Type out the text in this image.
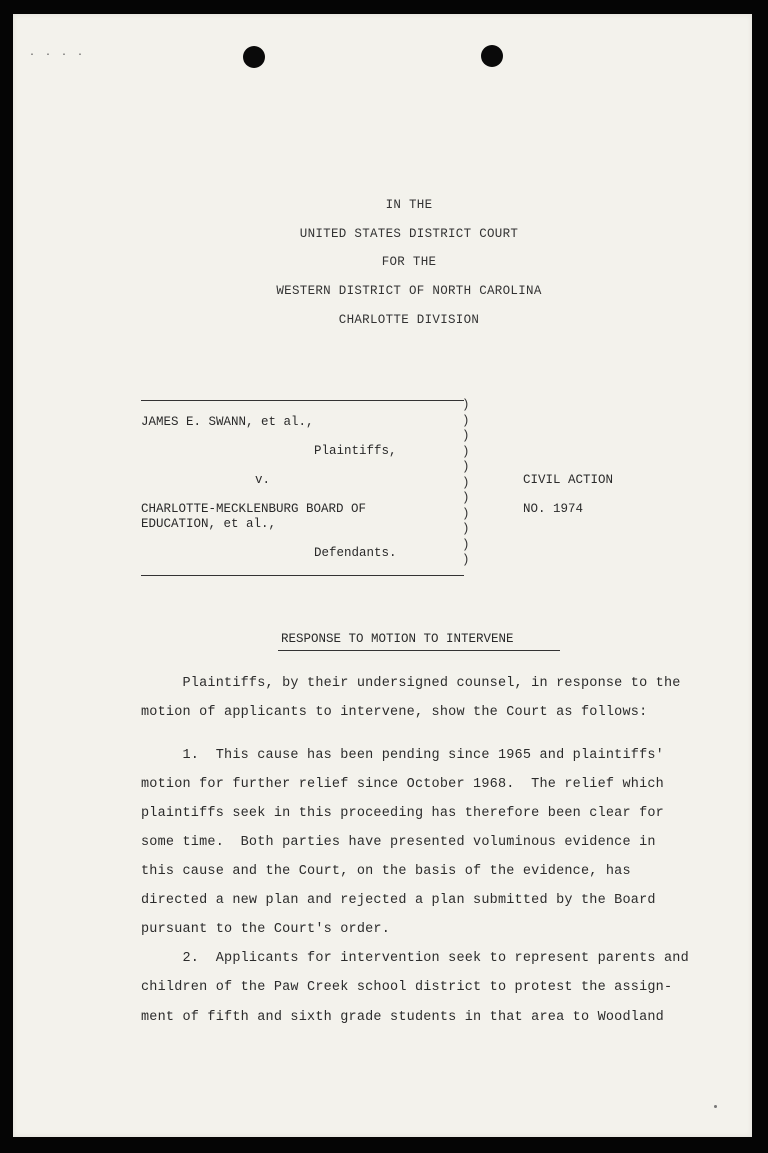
. . . .
IN THE
UNITED STATES DISTRICT COURT
FOR THE
WESTERN DISTRICT OF NORTH CAROLINA
CHARLOTTE DIVISION
)
)
)
)
)
)
)
)
)
)
)
JAMES E. SWANN, et al.,
Plaintiffs,
v.
CHARLOTTE-MECKLENBURG BOARD OF
EDUCATION, et al.,
Defendants.
CIVIL ACTION
NO. 1974
RESPONSE TO MOTION TO INTERVENE
Plaintiffs, by their undersigned counsel, in response to the
motion of applicants to intervene, show the Court as follows:
1.  This cause has been pending since 1965 and plaintiffs'
motion for further relief since October 1968.  The relief which
plaintiffs seek in this proceeding has therefore been clear for
some time.  Both parties have presented voluminous evidence in
this cause and the Court, on the basis of the evidence, has
directed a new plan and rejected a plan submitted by the Board
pursuant to the Court's order.
2.  Applicants for intervention seek to represent parents and
children of the Paw Creek school district to protest the assign-
ment of fifth and sixth grade students in that area to Woodland
